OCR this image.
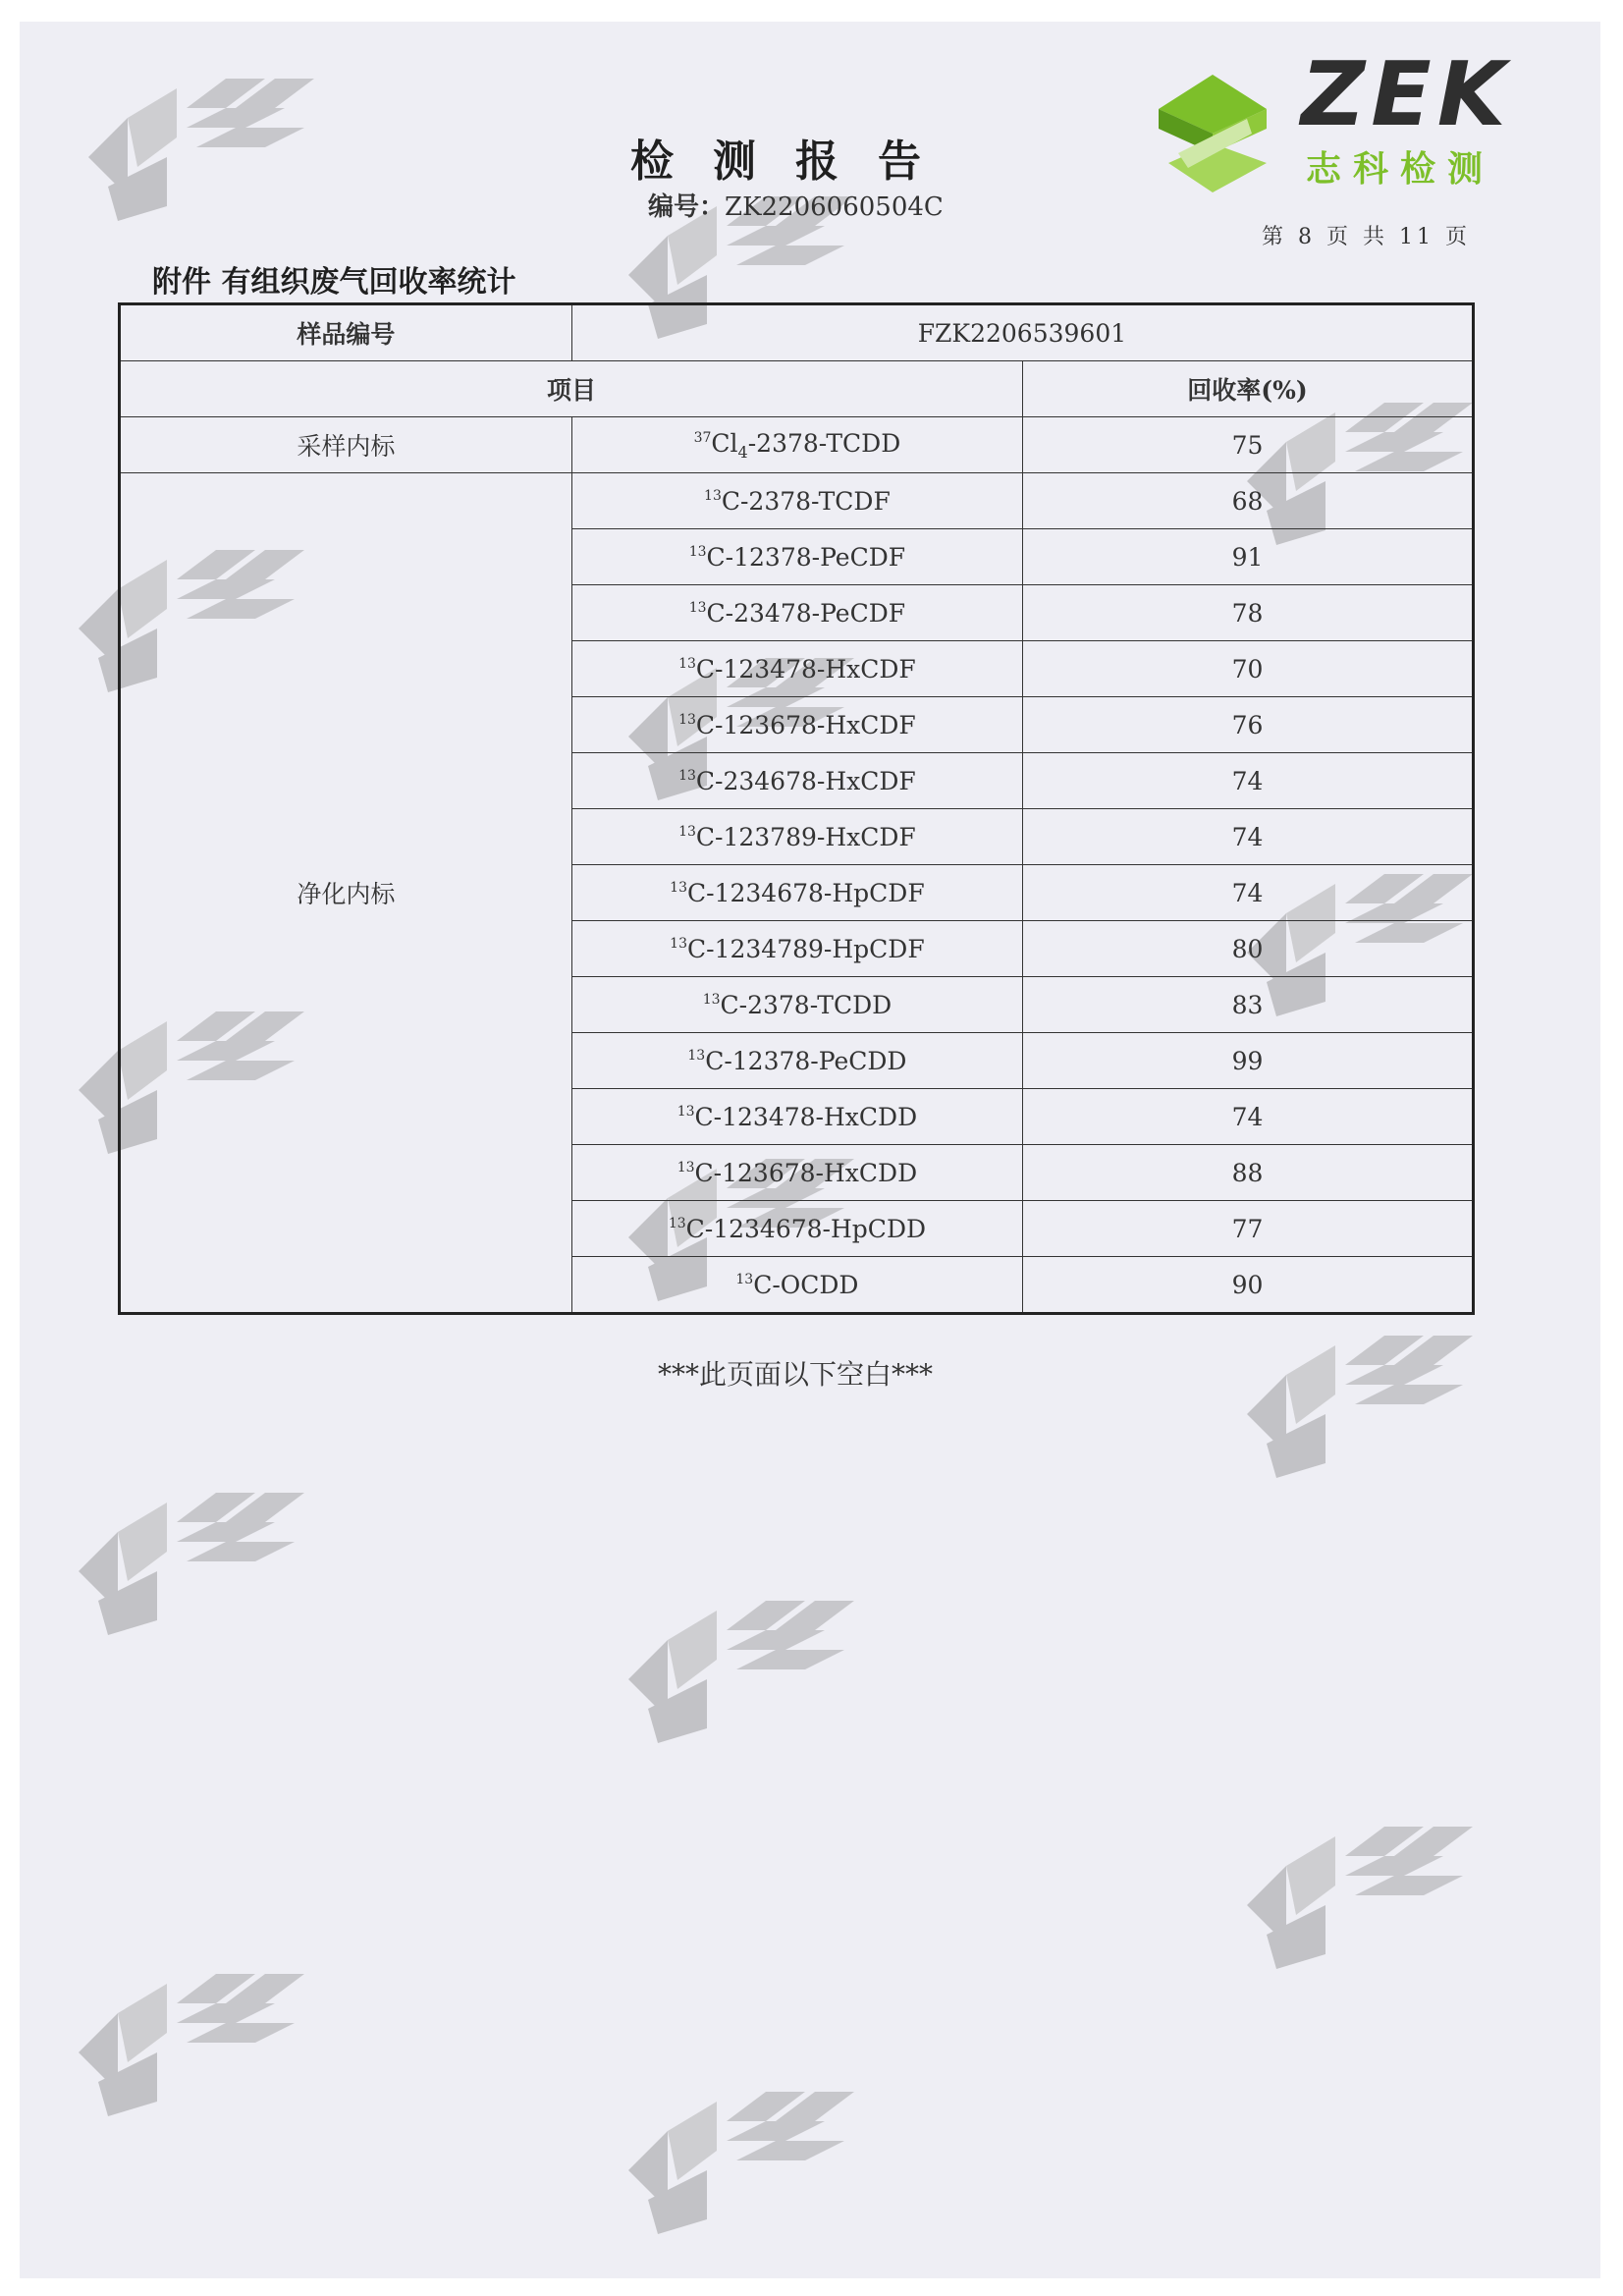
ZEK
志科检测
检测报告
编号：ZK2206060504C
第 8 页 共 11 页
附件 有组织废气回收率统计
样品编号	FZK2206539601	
项目		回收率(%)
采样内标	$^{37}Cl_4-2378$-TCDD	75
净化内标	$^{13}$C-2378-TCDF	68
	$^{13}$C-12378-PeCDF	91
	$^{13}$C-23478-PeCDF	78
	$^{13}$C-123478-HxCDF	70
	$^{13}$C-123678-HxCDF	76
	$^{13}$C-234678-HxCDF	74
	$^{13}$C-123789-HxCDF	74
	$^{13}$C-1234678-HpCDF	74
	$^{13}$C-1234789-HpCDF	80
	$^{13}$C-2378-TCDD	83
	$^{13}$C-12378-PeCDD	99
	$^{13}$C-123478-HxCDD	74
	$^{13}$C-123678-HxCDD	88
	$^{13}$C-1234678-HpCDD	77
	$^{13}$C-OCDD	90
***此页面以下空白***
